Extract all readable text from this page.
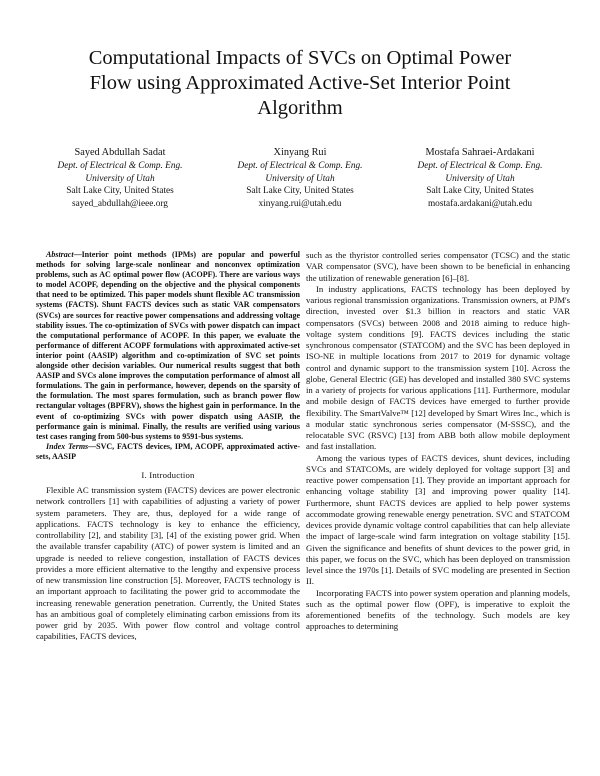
Computational Impacts of SVCs on Optimal Power
Flow using Approximated Active-Set Interior Point
Algorithm
Sayed Abdullah Sadat
Dept. of Electrical & Comp. Eng.
University of Utah
Salt Lake City, United States
sayed_abdullah@ieee.org
Xinyang Rui
Dept. of Electrical & Comp. Eng.
University of Utah
Salt Lake City, United States
xinyang.rui@utah.edu
Mostafa Sahraei-Ardakani
Dept. of Electrical & Comp. Eng.
University of Utah
Salt Lake City, United States
mostafa.ardakani@utah.edu

Abstract—Interior point methods (IPMs) are popular and powerful methods for solving large-scale nonlinear and nonconvex optimization problems, such as AC optimal power flow (ACOPF). There are various ways to model ACOPF, depending on the objective and the physical components that need to be optimized. This paper models shunt flexible AC transmission systems (FACTS). Shunt FACTS devices such as static VAR compensators (SVCs) are sources for reactive power compensations and addressing voltage stability issues. The co-optimization of SVCs with power dispatch can impact the computational performance of ACOPF. In this paper, we evaluate the performance of different ACOPF formulations with approximated active-set interior point (AASIP) algorithm and co-optimization of SVC set points alongside other decision variables. Our numerical results suggest that both AASIP and SVCs alone improves the computation performance of almost all formulations. The gain in performance, however, depends on the sparsity of the formulation. The most spares formulation, such as branch power flow rectangular voltages (BPFRV), shows the highest gain in performance. In the event of co-optimizing SVCs with power dispatch using AASIP, the performance gain is minimal. Finally, the results are verified using various test cases ranging from 500-bus systems to 9591-bus systems.

Index Terms—SVC, FACTS devices, IPM, ACOPF, approximated active-sets, AASIP

I. Introduction

Flexible AC transmission system (FACTS) devices are power electronic network controllers [1] with capabilities of adjusting a variety of power system parameters. They are, thus, deployed for a wide range of applications. FACTS technology is key to enhance the efficiency, controllability [2], and stability [3], [4] of the existing power grid. When the available transfer capability (ATC) of power system is limited and an upgrade is needed to relieve congestion, installation of FACTS devices provides a more efficient alternative to the lengthy and expensive process of new transmission line construction [5]. Moreover, FACTS technology is an important approach to facilitating the power grid to accommodate the increasing renewable generation penetration. Currently, the United States has an ambitious goal of completely eliminating carbon emissions from its power grid by 2035. With power flow control and voltage control capabilities, FACTS devices,

such as the thyristor controlled series compensator (TCSC) and the static VAR compensator (SVC), have been shown to be beneficial in enhancing the utilization of renewable generation [6]–[8].

In industry applications, FACTS technology has been deployed by various regional transmission organizations. Transmission owners, at PJM's direction, invested over $1.3 billion in reactors and static VAR compensators (SVCs) between 2008 and 2018 aiming to reduce high-voltage system conditions [9]. FACTS devices including the static synchronous compensator (STATCOM) and the SVC has been deployed in ISO-NE in multiple locations from 2017 to 2019 for dynamic voltage control and dynamic support to the transmission system [10]. Across the globe, General Electric (GE) has developed and installed 380 SVC systems in a variety of projects for various applications [11]. Furthermore, modular and mobile design of FACTS devices have emerged to further provide flexibility. The SmartValve™ [12] developed by Smart Wires Inc., which is a modular static synchronous series compensator (M-SSSC), and the relocatable SVC (RSVC) [13] from ABB both allow mobile deployment and fast installation.

Among the various types of FACTS devices, shunt devices, including SVCs and STATCOMs, are widely deployed for voltage support [3] and reactive power compensation [1]. They provide an important approach for enhancing voltage stability [3] and improving power quality [14]. Furthermore, shunt FACTS devices are applied to help power systems accommodate growing renewable energy penetration. SVC and STATCOM devices provide dynamic voltage control capabilities that can help alleviate the impact of large-scale wind farm integration on voltage stability [15]. Given the significance and benefits of shunt devices to the power grid, in this paper, we focus on the SVC, which has been deployed on transmission level since the 1970s [1]. Details of SVC modeling are presented in Section II.

Incorporating FACTS into power system operation and planning models, such as the optimal power flow (OPF), is imperative to exploit the aforementioned benefits of the technology. Such models are key approaches to determining
